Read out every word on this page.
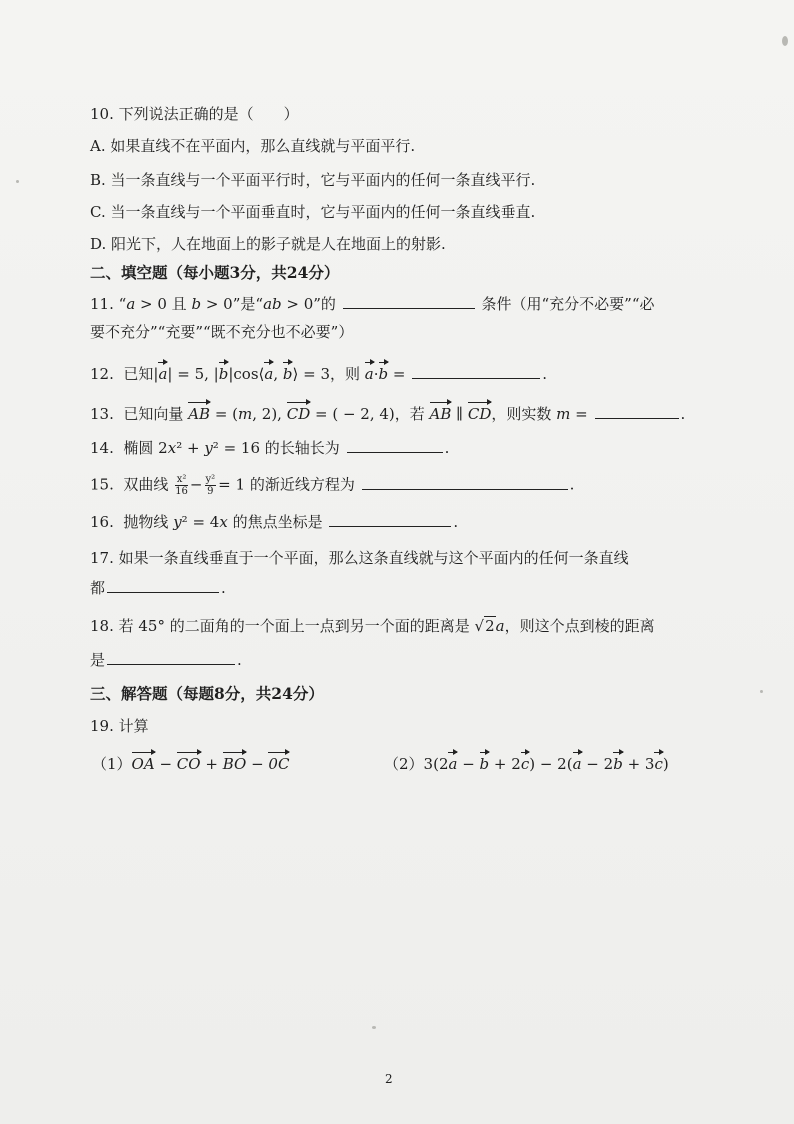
10. 下列说法正确的是（　　）
A. 如果直线不在平面内，那么直线就与平面平行.
B. 当一条直线与一个平面平行时，它与平面内的任何一条直线平行.
C. 当一条直线与一个平面垂直时，它与平面内的任何一条直线垂直.
D. 阳光下，人在地面上的影子就是人在地面上的射影.
二、填空题（每小题3分，共24分）
11. “a > 0 且 b > 0”是“ab > 0”的	条件（用“充分不必要”“必
要不充分”“充要”“既不充分也不必要”）
12. 已知|a| = 5, |b|cos⟨a, b⟩ = 3，则 a·b =	.
13. 已知向量 AB = (m, 2), CD = ( − 2, 4)，若 AB ∥ CD，则实数 m =	.
14. 椭圆 2x² + y² = 16 的长轴长为	.
15. 双曲线 $\frac{\text{x²}}{16} - \frac{\text{y²}}{9} = 1$ 的渐近线方程为	.
16. 抛物线 y² = 4x 的焦点坐标是	.
17. 如果一条直线垂直于一个平面，那么这条直线就与这个平面内的任何一条直线
都	.
18. 若 45° 的二面角的一个面上一点到另一个面的距离是 √2a，则这个点到棱的距离
是	.
三、解答题（每题8分，共24分）
19. 计算
（1）OA − CO + BO − 0C	（2）3(2a − b + 2c) − 2(a − 2b + 3c)
2
